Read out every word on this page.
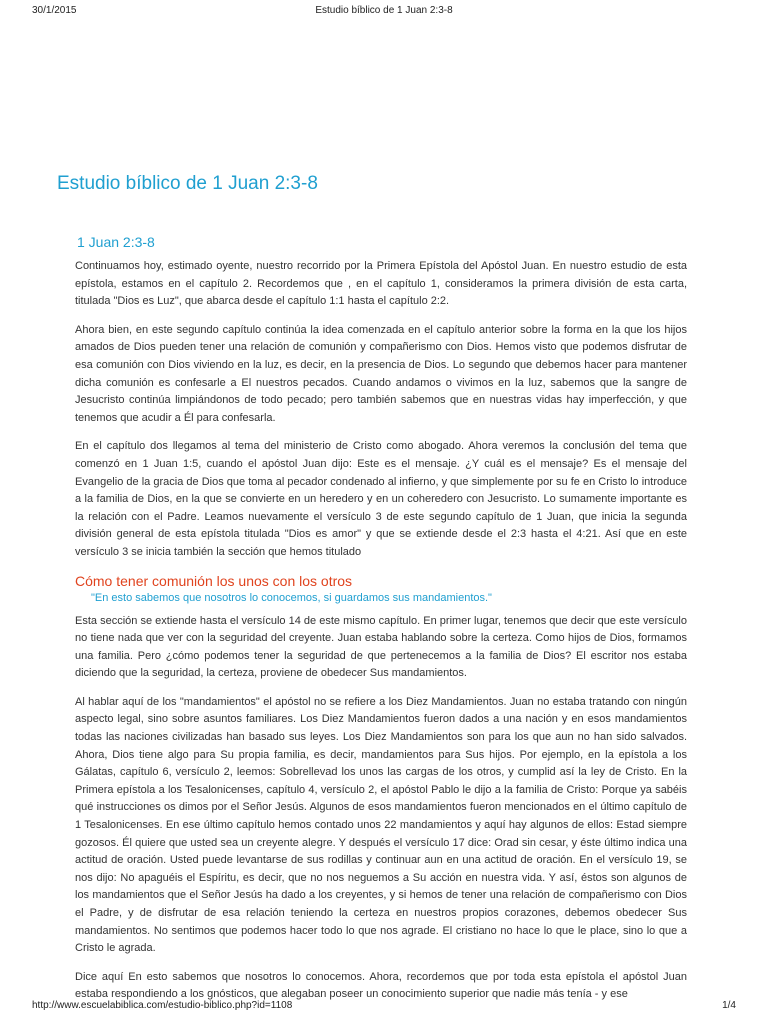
30/1/2015	Estudio bíblico de 1 Juan 2:3-8
Estudio bíblico de 1 Juan 2:3-8
1 Juan 2:3-8

Continuamos hoy, estimado oyente, nuestro recorrido por la Primera Epístola del Apóstol Juan. En nuestro estudio de esta epístola, estamos en el capítulo 2. Recordemos que , en el capítulo 1, consideramos la primera división de esta carta, titulada "Dios es Luz", que abarca desde el capítulo 1:1 hasta el capítulo 2:2.

Ahora bien, en este segundo capítulo continúa la idea comenzada en el capítulo anterior sobre la forma en la que los hijos amados de Dios pueden tener una relación de comunión y compañerismo con Dios. Hemos visto que podemos disfrutar de esa comunión con Dios viviendo en la luz, es decir, en la presencia de Dios. Lo segundo que debemos hacer para mantener dicha comunión es confesarle a El nuestros pecados. Cuando andamos o vivimos en la luz, sabemos que la sangre de Jesucristo continúa limpiándonos de todo pecado; pero también sabemos que en nuestras vidas hay imperfección, y que tenemos que acudir a Él para confesarla.

En el capítulo dos llegamos al tema del ministerio de Cristo como abogado. Ahora veremos la conclusión del tema que comenzó en 1 Juan 1:5, cuando el apóstol Juan dijo: Este es el mensaje. ¿Y cuál es el mensaje? Es el mensaje del Evangelio de la gracia de Dios que toma al pecador condenado al infierno, y que simplemente por su fe en Cristo lo introduce a la familia de Dios, en la que se convierte en un heredero y en un coheredero con Jesucristo. Lo sumamente importante es la relación con el Padre. Leamos nuevamente el versículo 3 de este segundo capítulo de 1 Juan, que inicia la segunda división general de esta epístola titulada "Dios es amor" y que se extiende desde el 2:3 hasta el 4:21. Así que en este versículo 3 se inicia también la sección que hemos titulado

Cómo tener comunión los unos con los otros
"En esto sabemos que nosotros lo conocemos, si guardamos sus mandamientos."

Esta sección se extiende hasta el versículo 14 de este mismo capítulo. En primer lugar, tenemos que decir que este versículo no tiene nada que ver con la seguridad del creyente. Juan estaba hablando sobre la certeza. Como hijos de Dios, formamos una familia. Pero ¿cómo podemos tener la seguridad de que pertenecemos a la familia de Dios? El escritor nos estaba diciendo que la seguridad, la certeza, proviene de obedecer Sus mandamientos.

Al hablar aquí de los "mandamientos" el apóstol no se refiere a los Diez Mandamientos. Juan no estaba tratando con ningún aspecto legal, sino sobre asuntos familiares. Los Diez Mandamientos fueron dados a una nación y en esos mandamientos todas las naciones civilizadas han basado sus leyes. Los Diez Mandamientos son para los que aun no han sido salvados. Ahora, Dios tiene algo para Su propia familia, es decir, mandamientos para Sus hijos. Por ejemplo, en la epístola a los Gálatas, capítulo 6, versículo 2, leemos: Sobrellevad los unos las cargas de los otros, y cumplid así la ley de Cristo. En la Primera epístola a los Tesalonicenses, capítulo 4, versículo 2, el apóstol Pablo le dijo a la familia de Cristo: Porque ya sabéis qué instrucciones os dimos por el Señor Jesús. Algunos de esos mandamientos fueron mencionados en el último capítulo de 1 Tesalonicenses. En ese último capítulo hemos contado unos 22 mandamientos y aquí hay algunos de ellos: Estad siempre gozosos. Él quiere que usted sea un creyente alegre. Y después el versículo 17 dice: Orad sin cesar, y éste último indica una actitud de oración. Usted puede levantarse de sus rodillas y continuar aun en una actitud de oración. En el versículo 19, se nos dijo: No apaguéis el Espíritu, es decir, que no nos neguemos a Su acción en nuestra vida. Y así, éstos son algunos de los mandamientos que el Señor Jesús ha dado a los creyentes, y si hemos de tener una relación de compañerismo con Dios el Padre, y de disfrutar de esa relación teniendo la certeza en nuestros propios corazones, debemos obedecer Sus mandamientos. No sentimos que podemos hacer todo lo que nos agrade. El cristiano no hace lo que le place, sino lo que a Cristo le agrada.

Dice aquí En esto sabemos que nosotros lo conocemos. Ahora, recordemos que por toda esta epístola el apóstol Juan estaba respondiendo a los gnósticos, que alegaban poseer un conocimiento superior que nadie más tenía - y ese

http://www.escuelabiblica.com/estudio-biblico.php?id=1108	1/4
